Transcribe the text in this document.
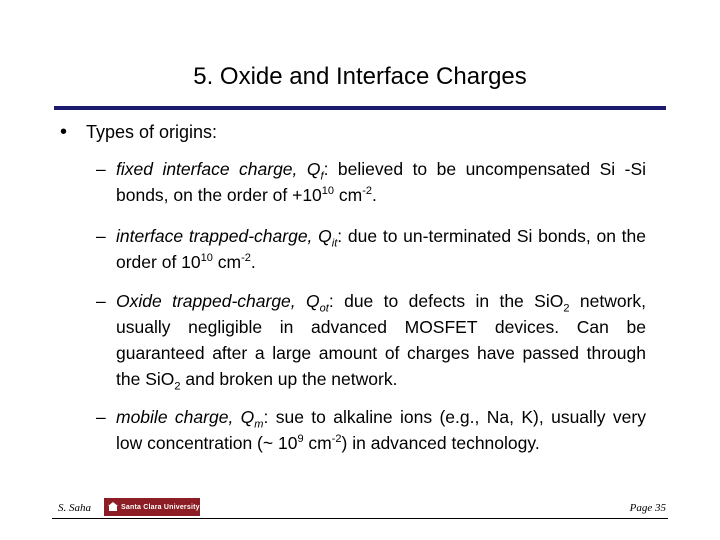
5. Oxide and Interface Charges
• Types of origins:
– fixed interface charge, $Q_f$: believed to be uncompensated Si -Si bonds, on the order of $+10^{10}$ $cm^{-2}$.
– interface trapped-charge, $Q_{it}$: due to un-terminated Si bonds, on the order of $10^{10}$ $cm^{-2}$.
– Oxide trapped-charge, $Q_{ot}$: due to defects in the SiO$_2$ network, usually negligible in advanced MOSFET devices. Can be guaranteed after a large amount of charges have passed through the SiO$_2$ and broken up the network.
– mobile charge, $Q_m$: sue to alkaline ions (e.g., Na, K), usually very low concentration (~ $10^9$ $cm^{-2}$) in advanced technology.
S. Saha	Santa Clara University	Page 35
